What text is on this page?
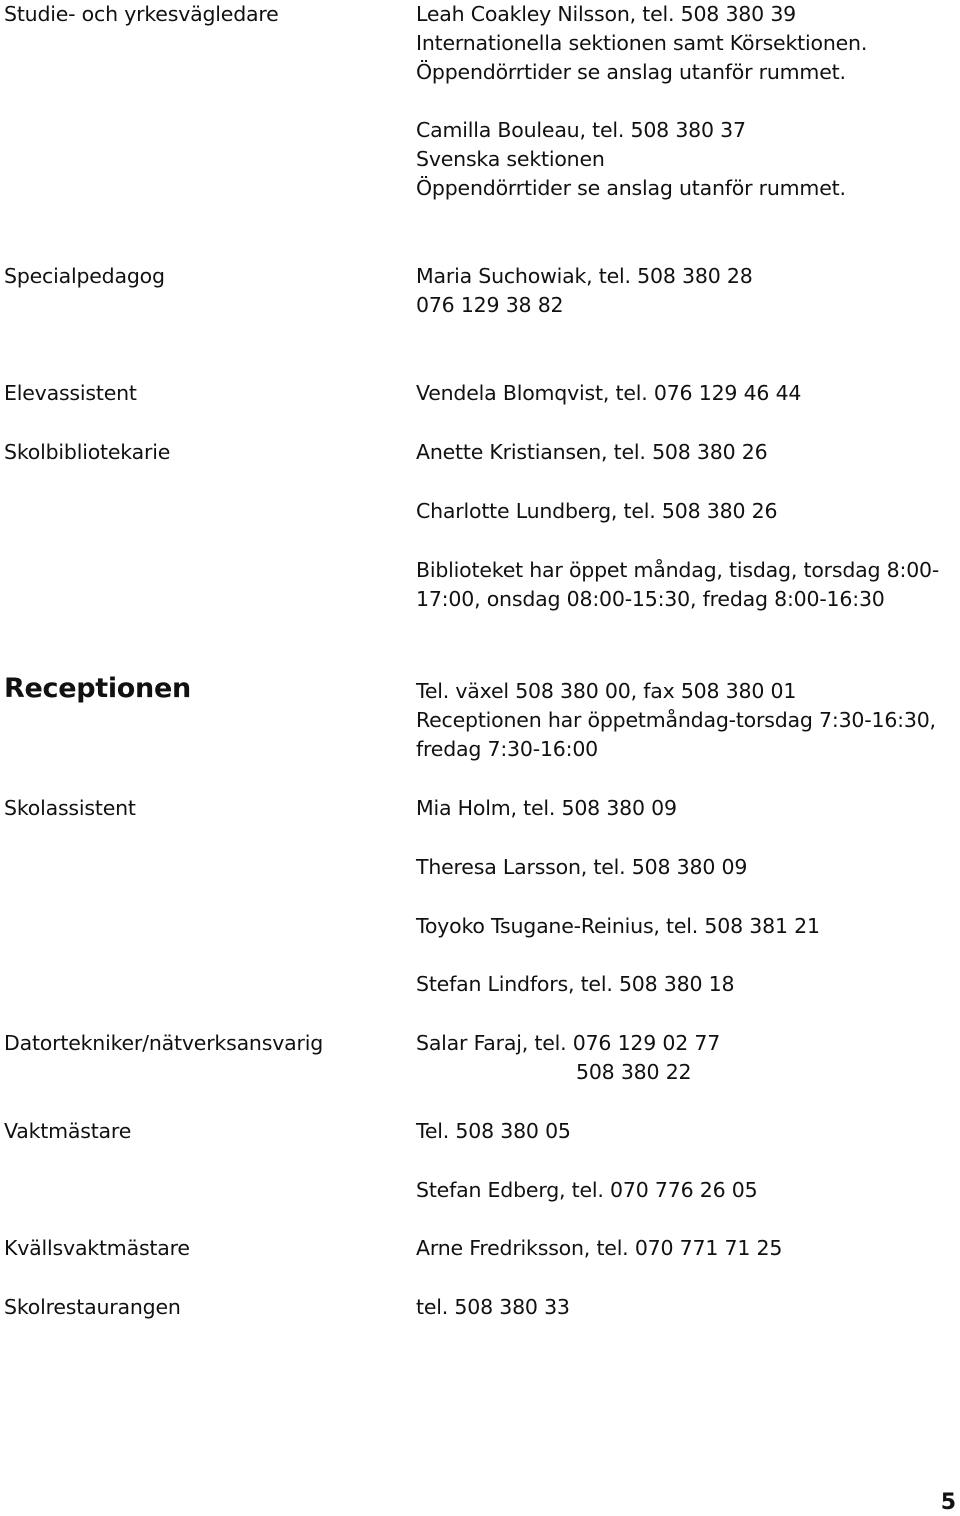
Studie- och yrkesvägledare	Leah Coakley Nilsson, tel. 508 380 39

Internationella sektionen samt Körsektionen.

Öppendörrtider se anslag utanför rummet.

Camilla Bouleau, tel. 508 380 37

Svenska sektionen

Öppendörrtider se anslag utanför rummet.

Specialpedagog	Maria Suchowiak, tel. 508 380 28

076 129 38 82

Elevassistent	Vendela Blomqvist, tel. 076 129 46 44

Skolbibliotekarie	Anette Kristiansen, tel. 508 380 26

Charlotte Lundberg, tel. 508 380 26

Biblioteket har öppet måndag, tisdag, torsdag 8:00-

17:00, onsdag 08:00-15:30, fredag 8:00-16:30

Receptionen	Tel. växel 508 380 00, fax 508 380 01

Receptionen har öppetmåndag-torsdag 7:30-16:30,

fredag 7:30-16:00

Skolassistent	Mia Holm, tel. 508 380 09

Theresa Larsson, tel. 508 380 09

Toyoko Tsugane-Reinius, tel. 508 381 21

Stefan Lindfors, tel. 508 380 18

Datortekniker/nätverksansvarig	Salar Faraj, tel. 076 129 02 77

508 380 22

Vaktmästare	Tel. 508 380 05

Stefan Edberg, tel. 070 776 26 05

Kvällsvaktmästare	Arne Fredriksson, tel. 070 771 71 25

Skolrestaurangen	tel. 508 380 33

5
